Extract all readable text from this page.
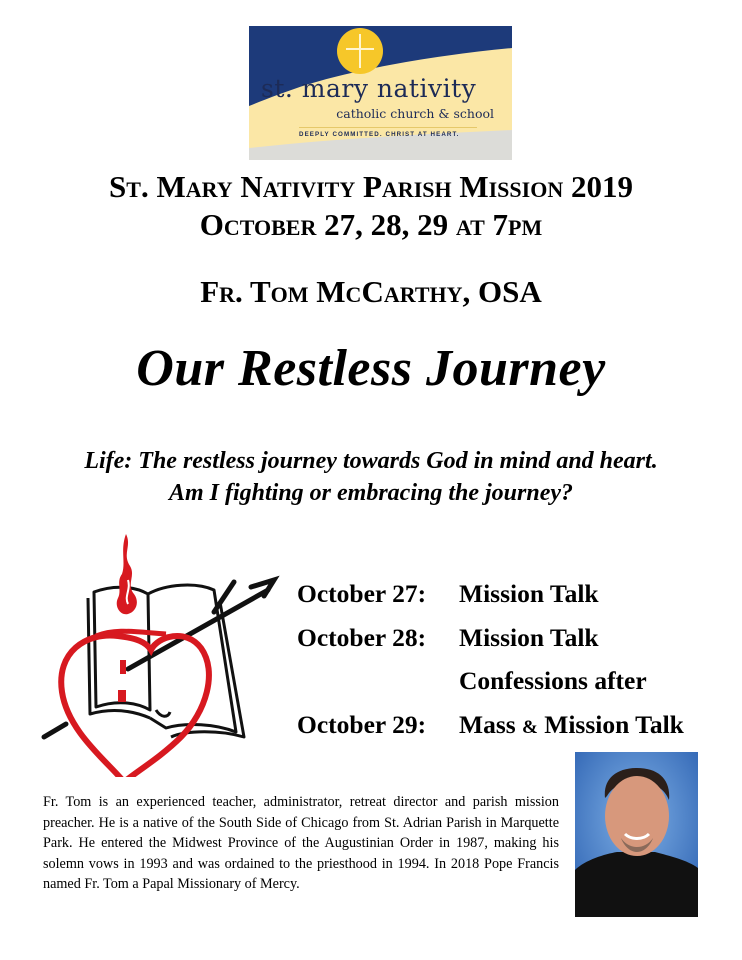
st. mary nativity
catholic church & school
DEEPLY COMMITTED. CHRIST AT HEART.
St. Mary Nativity Parish Mission 2019
October 27, 28, 29 at 7pm
Fr. Tom McCarthy, OSA
Our Restless Journey
Life: The restless journey towards God in mind and heart.
Am I fighting or embracing the journey?
October 27: Mission Talk
October 28: Mission Talk
Confessions after
October 29: Mass & Mission Talk
Fr. Tom is an experienced teacher, administrator, retreat director and parish mission preacher. He is a native of the South Side of Chicago from St. Adrian Parish in Marquette Park. He entered the Midwest Province of the Augustinian Order in 1987, making his solemn vows in 1993 and was ordained to the priesthood in 1994. In 2018 Pope Francis named Fr. Tom a Papal Missionary of Mercy.
